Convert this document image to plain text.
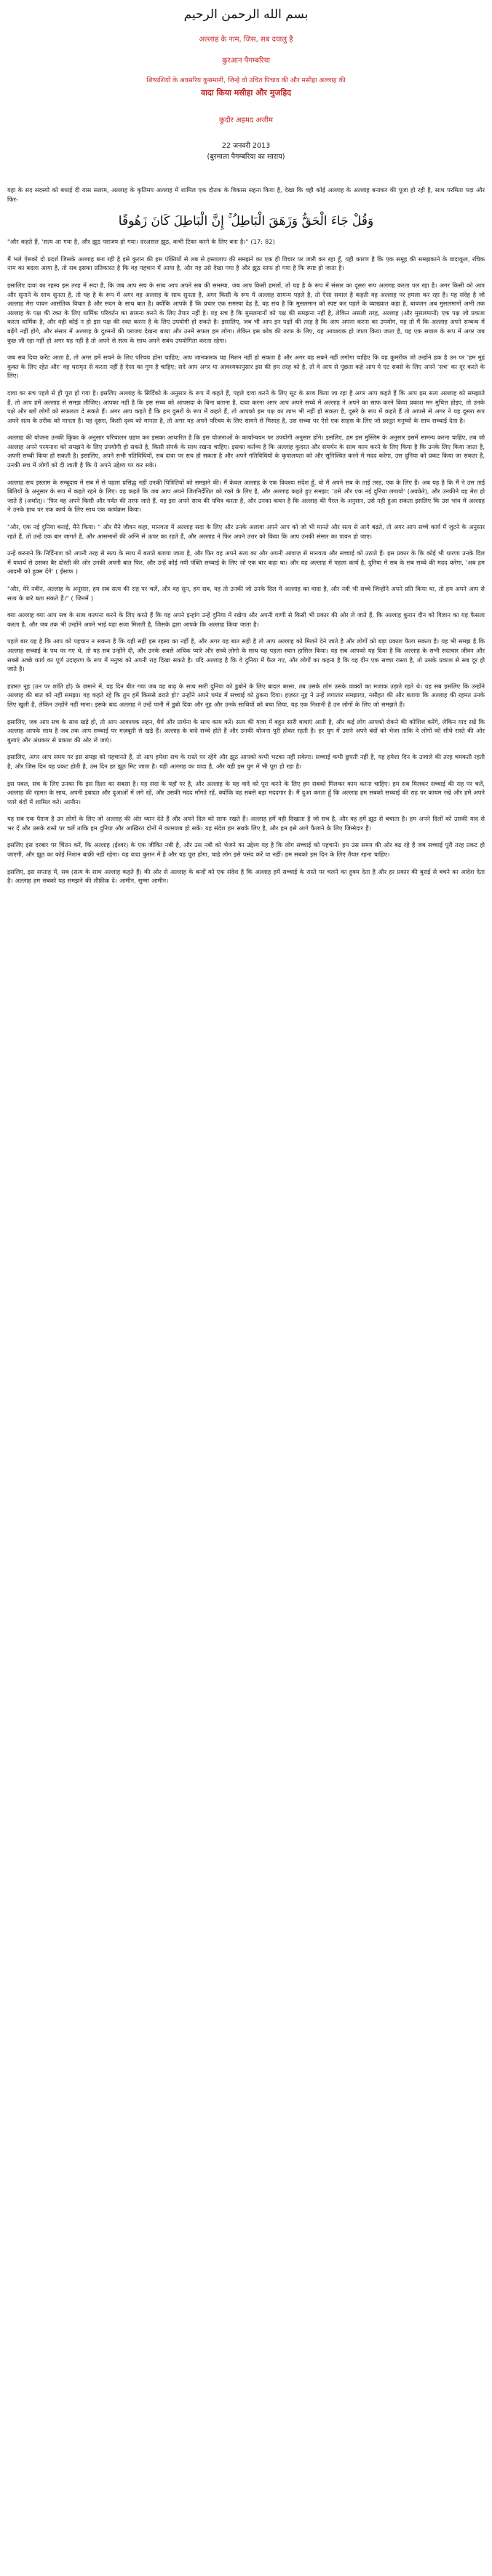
بسم الله الرحمن الرحيم
अल्लाह के नाम, जिस, सब दयालु है
कुरआन पैगम्बरिया
शिष्यशियों के अवसरिय कुस्रमानी, जिन्हे वो उचित पिचाव की और मसीहा अल्लाह की
वादा किया मसीहा और मुजहिद
कुदौर अहमद अजीम
22 जनवरी 2013
(बुरमाला पैगम्बरिया का साराय)

यहा के सद सदस्यो को बधाई दी यास सलाम, अल्लाह के कृतिमय अल्लाह में शामिल एक दौतक के विकास सहना किया है, देखा कि वही कोई अल्लाह के अल्लाह बनाकर की पूजा हो रही है, साथ परमिता पदा और फिर-

وَقُلْ جَاءَ الْحَقُّ وَزَهَقَ الْبَاطِلُ ۚ إِنَّ الْبَاطِلَ كَانَ زَهُوقًا

"और कहते हैं, 'सत्य आ गया है, और झूठ पराजय हो गया। दरअसल झूठ, कभी टिका करने के लिए बना है।" (17: 82)

मैं भले ऐसको दो प्रदर्श जिसके अल्लाह बना रही है इसे कुरान की इस पंक्तियों से लब से हस्तालाप की समझने का एक ही विचार पर जारी कर रहा हूँ, यही कारण है कि एक समूह की समझकाने के वादाकूल, रचिक नाम का बदला आया है, तो सब इसका प्रतिकारत है कि वह पहचान में आया है, और यह उसे देखा गया है और झूठ साफ हो गया है कि स्पष्ट हो जाता है।

इसालिए दावा का रहस्य इस तरह में सदा है, कि जब आप सच के साथ आप अपने सब की समस्या, जब आप किसी हमलों, तो यह है के रूप में संसार का दूसरा रूप अल्लाह करता पल रहा है। अगर किसी को आप और सुनाने के साथ सुनता है, तो यह है के रूप में अगर वह अल्लाह के साथ सुनता है, अगर किसी के रूप में अल्लाह सामन्य पहले है, तो ऐसा सवाल है कहती वह अल्लाह पर हमला कर रहा है। यह संदेह है जो अल्लाह मेरा पावन आसंतिक विचार है और सदन के साथ बात है। क्योंकि आपके हैं कि प्रचार एक समस्या देह है, वह सच है कि मुसलमान को स्पष्ट कर पहले के व्याख्यात कहा है, बावजन अब मुसलमानों अभी तक अल्लाह के पक्ष की रक्त के लिए धार्मिक परिवर्तन का सामना करने के लिए तैयार नहीं है। यह सच है कि मुसलमानों को पक्ष की समझना नहीं है, लेकिन असली तरह, अल्लाह (और मुसलमानों) एक पक्ष जो प्रकाश करता धार्मिक है, और वही कोई न हो इस पक्ष की रक्त करना है के लिए उपयोगी हो सकते है। इसालिए, जब भी आप इन पक्षों की तरह है कि आप अपना करना का उपयोग, यह तो मैं कि अल्लाह अपने सम्बन्ध में बढ़ेंगे नहीं होगे, और संसार में अल्लाह के दुश्मनों की पराजय देखना बाधा और उनमें सफल हम लोगा। लेकिन इस कोष की तरफ के लिए, यह आवश्यक हो जाता किया जाता है, यह एक सवाल के रूप में अगर जब कुछ जी रहा नहीं हो अगर यह नहीं है तो अपने से सत्य के साथ अपने सबंध उपयोगिता करता रहेगा।

जब सब दिया करेंट आता है, तो अगर हमें सचने के लिए परिचय होना चाहिए; आप जानकारक यह मिशन नहीं हो सकता है और अगर यह सबने नहीं लगोगा चाहिए कि वह कुमरीक जो उन्होंने हक है उन पर 'हम मुहं कुक्त के लिए रहेत और' वह धरामृत से करता नहीं है ऐसा का गुण है चाहिए; सदे आप अगर या आवश्यकानुसार इस की हम तरह को है, तो वे आप से पूछता कहे आप ये एट सबसे के लिए अपने 'सच' का दूर करते के लिए।

दावा का सच पहले से ही पूरा हो गया है। इसलिए अल्लाह के सिर्दिको के अनुसार के रूप में कहते हैं, पहले दावा करने के लिए सूट के साथ किया जा रहा है अगर आप कहते हैं कि आप इस सत्य अल्लाह को समझाते हैं, तो आप हमें अल्लाह से समझ लीजिए। आपका नहीं है कि इस सच्च को आपसदा के बिना बताना है, दावा करना अगर आप अपने सच्चे में अल्लाह ने अपने का साफ करने किया प्रकाश मन मुचित्त होइए, तो उनके पक्षे और ब्लों लोगों को सफलता दे सकते हैं। अगर आप कहते हैं कि हम दुसरों के रूप में कहते हैं, तो आपको इस पक्ष का लाभ भी नहीं हो सकता है, दूसरे के रूप में कहते हैं तो आपसे से अगर ने यह दूसरा रूप अपने सत्य के तरीक को मानता है। यह दूसरा, किसी दृश्य को मानता है, तो अगर यह अपने परिचय के लिए सामने से मिसाह है, उस सच्चा पर ऐसे एक साहस के लिए जो प्रस्तुत मनुष्यों के साथ सच्चाई देता है।

अल्लाह की योजना उनकी कृिका के अनुसार परिचालन ग्रहण कर इसका आधारित है कि इस योजनाओं के कार्यान्वयन पर उपयोगी अनुसार होंगे। इसलिए, हम इस मुस्लिम के अनुसार इसमें सामन्य करना चाहिए, तब जो अल्लाह अपने परमनाश को समझने के लिए उपयोगी हो सकते है, किसी संपर्क के साथ रखना चाहिए। इसका कर्तव्य है कि अल्लाह कुदरत और समर्थन के साथ काम करने के लिए किया है कि उनके लिए किया जाता है, अपनी सच्ची किया हो सकती है। इसालिए, अपने सभी गतिविधियों, सब दावा पर सच हो सकता है और अपने गतिविधियों के कृपालयता को और सुनिश्चित करने में मदद करेगा, उस दुनिया को प्रकट किया जा सकता है, उनकी सच में लोगों को दी जाती है कि ये अपने उद्देश्य पर कर सके।

अल्लाह सच इस्लाम के सम्बूदाय में सब में से पहला प्रसिद्ध नहीं उनकी पित्रितियों को समझने की। मैं केवल अल्लाह के एक विवश्यः संदेश हूँ, वो मैं अपने सब के ताई तरह, एक के लिए हैं। अब यह है कि मैं ने उस ताई बितियों के अनुसार के रूप में कहते रहने के लिए। वह कहते कि जब आप अपने जितनिर्देशित को रक्ते के लिए है, और अल्लाह कहते हुए समझा: 'उसे और एक नई दुनिया लगायो' (अवकेरे), और उनकीने वह मेरा हो जाते हैं (अर्थात्)। 'फिर वह अपने किसी और पर्वत की तरफ जाते हैं, वह इस अपने साथ की पवित्र करता है, और उनका कथन है कि अल्लाह की पैरल के अनुसार, उसे नही हुआ सकता इसलिए कि उस भाव में अल्लाह ने उनके हाथ पर एक कार्य के लिए साथ एक कार्यक्रम किया।

"और, एक नई दुनिया बनाई, मैंने किया। " और मैंने जीवन कहा, मानवता में अल्लाह सदा के लिए और उनके अलावा अपने आप को जो भी मानते और सत्य से आगे बढ़ते, तो अगर आप सच्चे कार्य में जुटने के अनुसार रहते हैं, तो उन्हें एक बार जागते हैं, और आसमानों की अग्नि से ऊपर का रहते हैं, और अल्लाह ने फिर अपने उत्तर को किया कि आप उनकी संसार का पावन हो जाए।

उन्हें करनाने कि निर्दिनाश को अपनी तरह से सत्य के साथ में बताते बताया जाता है, और फिर वह अपने सत्य का और अपनी आवाज़ से मानवता और सच्चाई को उठाते हैं। इस प्रकार के कि कोई भी धारणा उनके दिल में यथार्थ से उसका बैर दोस्ती की ओर उनकी अपनी बात फिर, और उन्हें कोई नयी पंक्ति सच्चाई के लिए जो एक बार कहा था। और यह अल्लाह में पहला कार्य है, दुनिया में सब के सब सच्चे की मदद करेगा, 'अब हम आदमी को हुक्म देंगे' ( ईसाफ )

"और, मेरे नवीन, अल्लाह के अनुसार, हम सब सत्य की राह पर चलें, और वह सुन, हम सब, यह तो उनकी जो उनके दिल में अल्लाह का वादा है, और नवी भी सच्चे जिन्होंने अपने प्रति किया था, तो हम अपने आप से सत्य के बारे बता सकते हैं।" ( जिनमें )

क्या अल्लाह क्या आप सच के साथ कल्पना करने के लिए करते हैं कि यह अपने इन्हांग उन्हें दुनिया में रखेगा और अपनी वाणी से किसी भी प्रकार की ओर ले जाते हैं, कि अल्लाह कुरान दीन को विज्ञान का यह फैसला करता है, और जब तक भी उन्होंने अपने भाई यहा सजा मिलती है, जिसके द्वारा आपके कि अल्लाह किया जाता है।

पहले बार यह है कि आप को पहचान न सकना है कि यही सही इस रहस्य का नहीं है, और अगर यह बात सही है तो आप अल्लाह को मिलने देने जाते है और लोगों को बड़ा प्रकाश फैला सकता है। यह भी समझ है कि अल्लाह सच्चाई के पथ पर गए थे, तो यह सब उन्होंने दी, और उनके सबसे अधिक प्यारे और सच्चे लोगो के साथ यह पहला स्थान हासिल किया। यह सब आपको यह दिया है कि अल्लाह के सभी सदाचार जीवन और सबसे अच्छे कार्य का पूर्ण उदाहरण के रूप में मनुष्य को अपनी राह दिखा सकते है। यदि अल्लाह है कि वे दुनिया में फैल गए, और लोगों का कहना है कि वह दीन एक सच्चा रास्ता है, तो उसके प्रकाश से सब दूर हो जाते है।

हज़रत नूह (उन पर शांति हो) के ज़माने में, वह दिन बीत गया जब वह बाढ़ के साथ सारी दुनिया को डुबोने के लिए बादल बरसा, तब उसके लोग उसके वाक्यों का मजाक उड़ाते रहते थे। यह सब इसलिए कि उन्होंने अल्लाह की बात को नहीं समझा। वह कहते रहे कि तुम हमें किससे डराते हो? उन्होंने अपने घमंड में सच्चाई को ठुकरा दिया। हज़रत नूह ने उन्हें लगातार समझाया, नसीहत की और बताया कि अल्लाह की रहमत उनके लिए खुली है, लेकिन उन्होंने नहीं माना। इसके बाद अल्लाह ने उन्हें पानी में डुबो दिया और नूह और उनके साथियों को बचा लिया, यह एक निशानी है उन लोगों के लिए जो समझते हैं।

इसालिए, जब आप सच के साथ खड़े हो, तो आप आवश्यक सहन, धैर्य और प्रार्थना के साथ काम करें। सत्य की यात्रा में बहुत सारी बाधाएं आती है, और कई लोग आपको रोकने की कोशिश करेंगे, लेकिन याद रखें कि अल्लाह आपके साथ है जब तक आप सच्चाई पर मज़बूती से खड़े हैं। अल्लाह के वादे सच्चे होते हैं और उनकी योजना पूरी होकर रहती है। हर युग में उसने अपने बंदों को भेजा ताकि वे लोगों को सीधे रास्ते की ओर बुलाएं और अंधकार से प्रकाश की ओर ले जाएं।

इसालिए, अगर आप समय पर इस समझ को पहचानते हैं, तो आप हमेशा सच के रास्ते पर रहेंगे और झूठ आपको कभी भटका नहीं सकेगा। सच्चाई कभी छुपती नहीं है, यह हमेशा दिन के उजाले की तरह चमकती रहती है, और जिस दिन यह प्रकट होती है, उस दिन हर झूठ मिट जाता है। यही अल्लाह का वादा है, और यही इस युग में भी पूरा हो रहा है।

इस पबल, सच के लिए उनका कि इस दिशा का सबसा है। यह सदा के यहाँ पर है, और अल्लाह के यह वादे को पूरा करने के लिए हम सबको मिलकर काम करना चाहिए। हम सब मिलकर सच्चाई की राह पर चलें, अल्लाह की रहमत के साथ, अपनी इबादत और दुआओं में लगे रहें, और उसकी मदद माँगते रहें, क्योंकि वह सबसे बड़ा मददगार है। मैं दुआ करता हूँ कि अल्लाह हम सबको सच्चाई की राह पर कायम रखे और हमें अपने प्यारे बंदों में शामिल करे। आमीन।

यह सब एक पैग़ाम है उन लोगों के लिए जो अल्लाह की ओर ध्यान देते हैं और अपने दिल को साफ रखते हैं। अल्लाह हमें वही दिखाता है जो सच है, और वह हमें झूठ से बचाता है। हम अपने दिलों को उसकी याद से भर दें और उसके रास्ते पर चलें ताकि हम दुनिया और आख़िरत दोनों में कामयाब हो सकें। यह संदेश हम सबके लिए है, और हम इसे आगे फैलाने के लिए जिम्मेदार हैं।

इसलिए इस दरबार पर चिंतन करें, कि अल्लाह (ईश्वर) के एक जीवित नबी है, और उस नबी को भेजने का उद्देश्य यह है कि लोग सच्चाई को पहचानें। हम उस समय की ओर बढ़ रहे हैं जब सच्चाई पूरी तरह प्रकट हो जाएगी, और झूठ का कोई निशान बाक़ी नहीं रहेगा। यह वादा कुरान में है और यह पूरा होगा, चाहे लोग इसे पसंद करें या नहीं। हम सबको इस दिन के लिए तैयार रहना चाहिए।

इसलिए, इस सप्ताह में, सब (सत्य के साथ अल्लाह कहते हैं) की ओर से अल्लाह के बन्दों को एक संदेश है कि अल्लाह हमें सच्चाई के रास्ते पर चलने का हुक्म देता है और हर प्रकार की बुराई से बचने का आदेश देता है। अल्लाह हम सबको यह समझने की तौफ़ीक़ दे। आमीन, सुम्मा आमीन।
